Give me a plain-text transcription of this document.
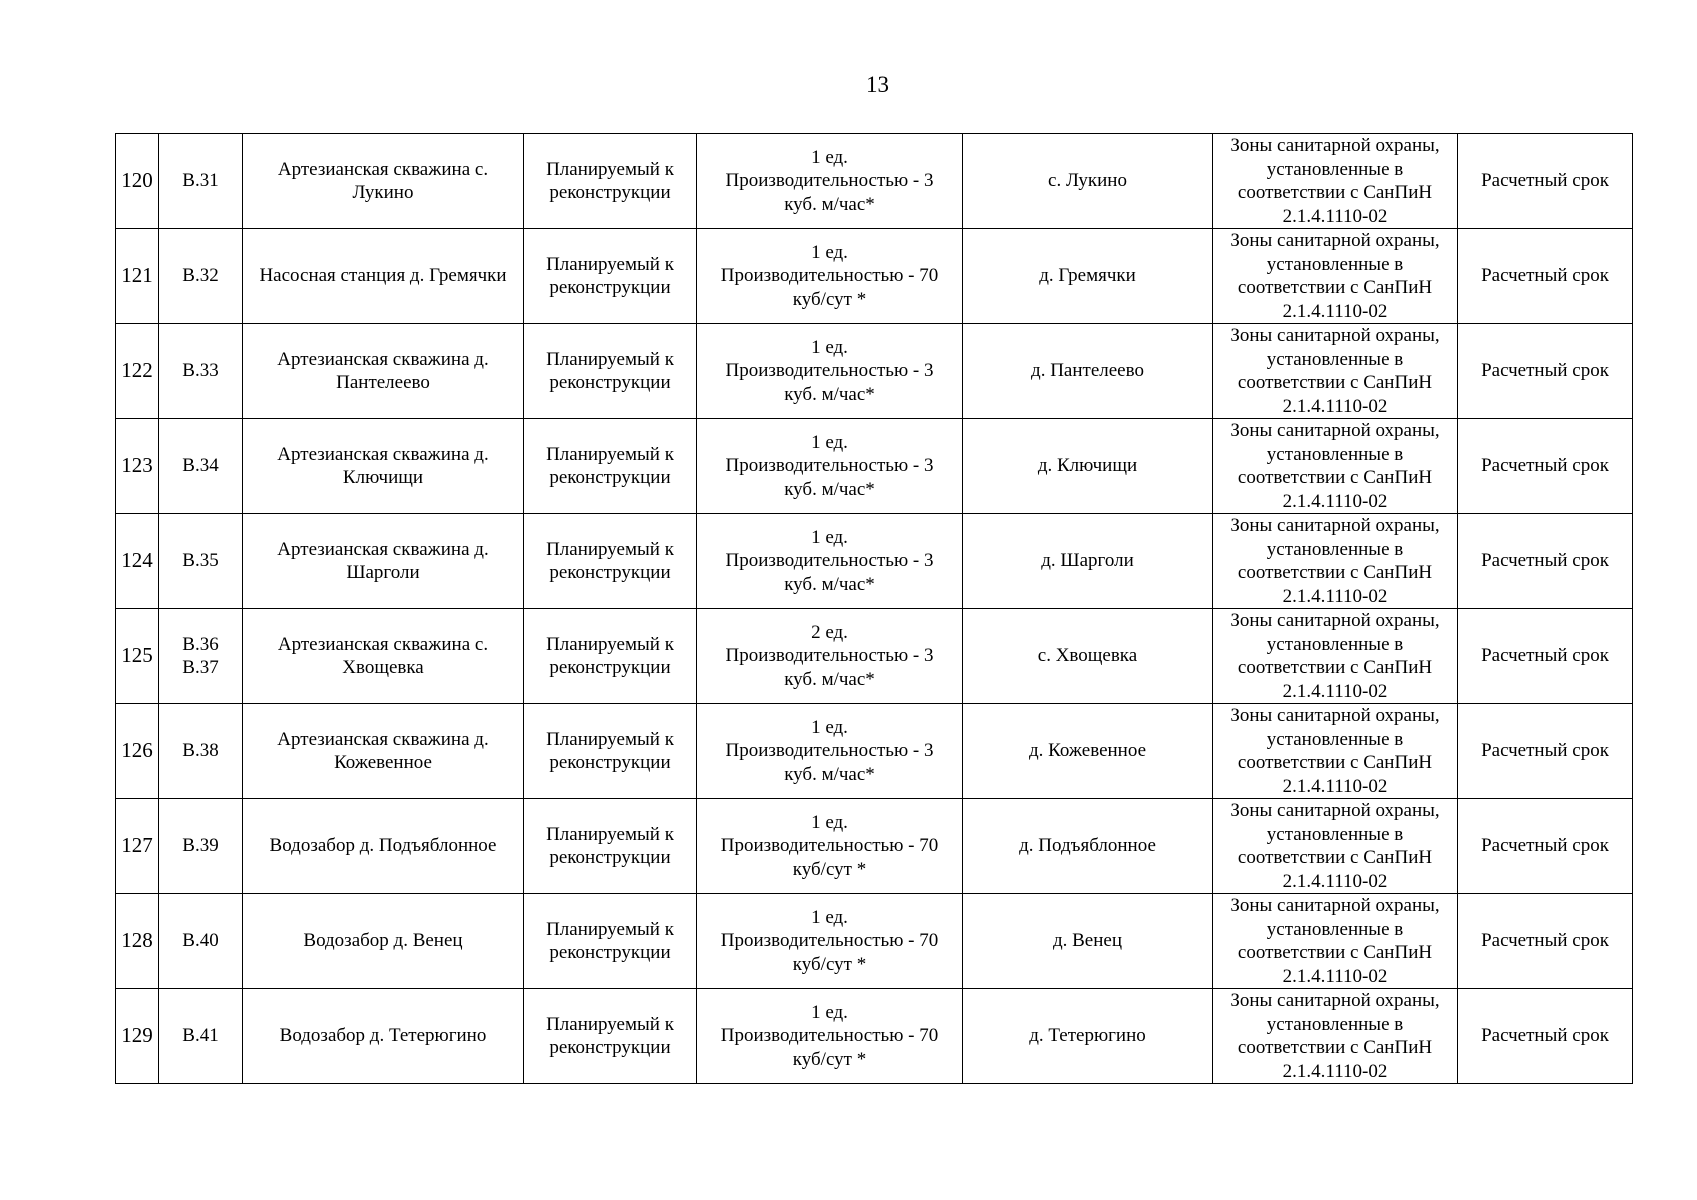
13
120	В.31	Артезианская скважина с.
Лукино	Планируемый к
реконструкции	1 ед.
Производительностью - 3
куб. м/час*	с. Лукино	Зоны санитарной охраны,
установленные в
соответствии с СанПиН
2.1.4.1110-02	Расчетный срок
121	В.32	Насосная станция д. Гремячки	Планируемый к
реконструкции	1 ед.
Производительностью - 70
куб/сут *	д. Гремячки	Зоны санитарной охраны,
установленные в
соответствии с СанПиН
2.1.4.1110-02	Расчетный срок
122	В.33	Артезианская скважина д.
Пантелеево	Планируемый к
реконструкции	1 ед.
Производительностью - 3
куб. м/час*	д. Пантелеево	Зоны санитарной охраны,
установленные в
соответствии с СанПиН
2.1.4.1110-02	Расчетный срок
123	В.34	Артезианская скважина д.
Ключищи	Планируемый к
реконструкции	1 ед.
Производительностью - 3
куб. м/час*	д. Ключищи	Зоны санитарной охраны,
установленные в
соответствии с СанПиН
2.1.4.1110-02	Расчетный срок
124	В.35	Артезианская скважина д.
Шарголи	Планируемый к
реконструкции	1 ед.
Производительностью - 3
куб. м/час*	д. Шарголи	Зоны санитарной охраны,
установленные в
соответствии с СанПиН
2.1.4.1110-02	Расчетный срок
125	В.36
В.37	Артезианская скважина с.
Хвощевка	Планируемый к
реконструкции	2 ед.
Производительностью - 3
куб. м/час*	с. Хвощевка	Зоны санитарной охраны,
установленные в
соответствии с СанПиН
2.1.4.1110-02	Расчетный срок
126	В.38	Артезианская скважина д.
Кожевенное	Планируемый к
реконструкции	1 ед.
Производительностью - 3
куб. м/час*	д. Кожевенное	Зоны санитарной охраны,
установленные в
соответствии с СанПиН
2.1.4.1110-02	Расчетный срок
127	В.39	Водозабор д. Подъяблонное	Планируемый к
реконструкции	1 ед.
Производительностью - 70
куб/сут *	д. Подъяблонное	Зоны санитарной охраны,
установленные в
соответствии с СанПиН
2.1.4.1110-02	Расчетный срок
128	В.40	Водозабор д. Венец	Планируемый к
реконструкции	1 ед.
Производительностью - 70
куб/сут *	д. Венец	Зоны санитарной охраны,
установленные в
соответствии с СанПиН
2.1.4.1110-02	Расчетный срок
129	В.41	Водозабор д. Тетерюгино	Планируемый к
реконструкции	1 ед.
Производительностью - 70
куб/сут *	д. Тетерюгино	Зоны санитарной охраны,
установленные в
соответствии с СанПиН
2.1.4.1110-02	Расчетный срок
